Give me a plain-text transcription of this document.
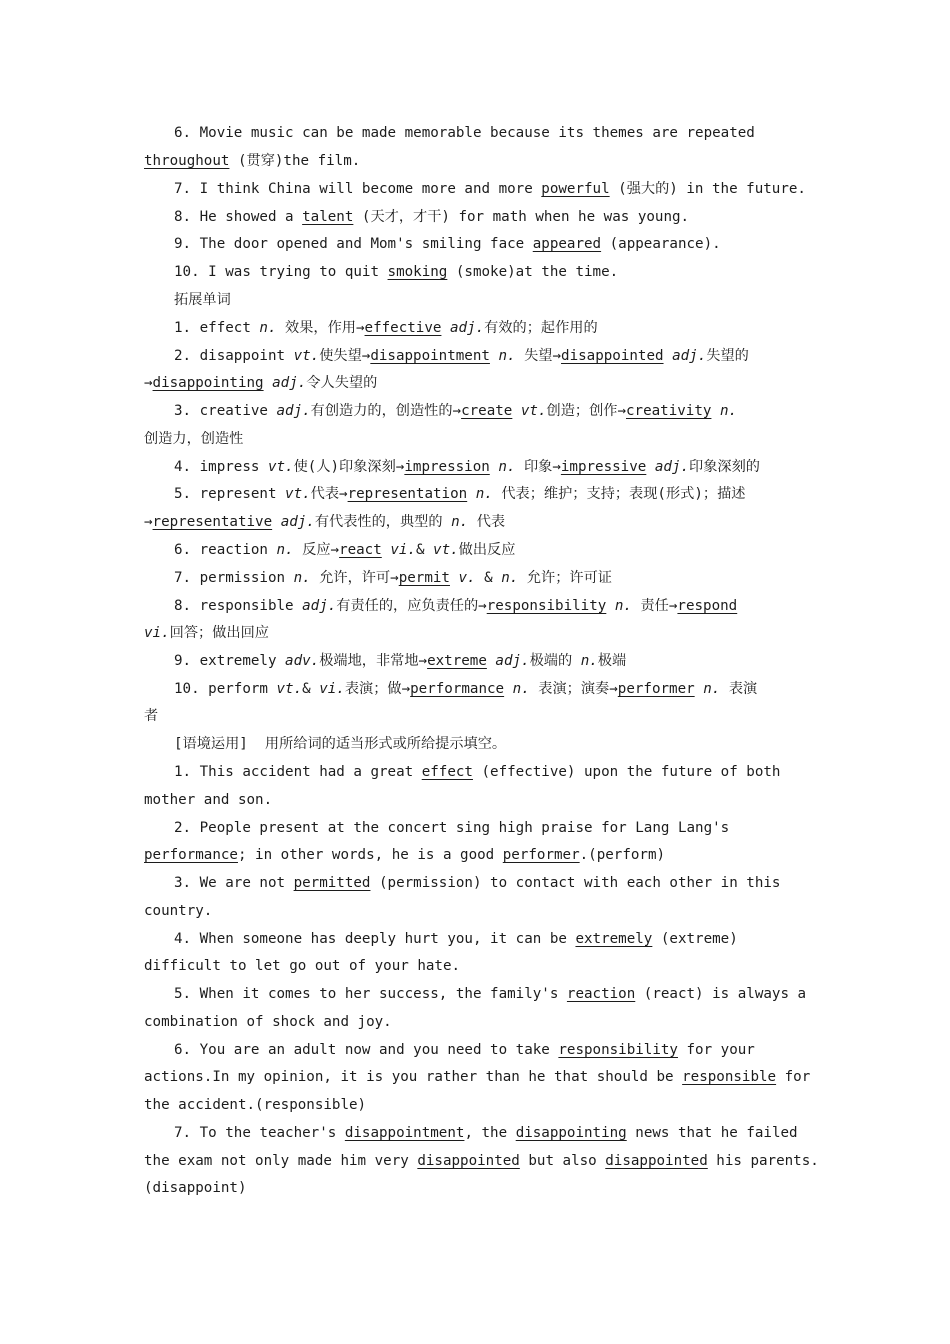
6. Movie music can be made memorable because its themes are repeated
throughout (贯穿)the film.
7. I think China will become more and more powerful (强大的) in the future.
8. He showed a talent (天才，才干) for math when he was young.
9. The door opened and Mom's smiling face appeared (appearance).
10. I was trying to quit smoking (smoke)at the time.
拓展单词
1. effect n. 效果，作用→effective adj.有效的；起作用的
2. disappoint vt.使失望→disappointment n. 失望→disappointed adj.失望的
→disappointing adj.令人失望的
3. creative adj.有创造力的，创造性的→create vt.创造；创作→creativity n.
创造力，创造性
4. impress vt.使(人)印象深刻→impression n. 印象→impressive adj.印象深刻的
5. represent vt.代表→representation n. 代表；维护；支持；表现(形式)；描述
→representative adj.有代表性的，典型的 n. 代表
6. reaction n. 反应→react vi.& vt.做出反应
7. permission n. 允许，许可→permit v. & n. 允许；许可证
8. responsible adj.有责任的，应负责任的→responsibility n. 责任→respond
vi.回答；做出回应
9. extremely adv.极端地，非常地→extreme adj.极端的 n.极端
10. perform vt.& vi.表演；做→performance n. 表演；演奏→performer n. 表演
者
[语境运用]  用所给词的适当形式或所给提示填空。
1. This accident had a great effect (effective) upon the future of both
mother and son.
2. People present at the concert sing high praise for Lang Lang's
performance; in other words, he is a good performer.(perform)
3. We are not permitted (permission) to contact with each other in this
country.
4. When someone has deeply hurt you, it can be extremely (extreme)
difficult to let go out of your hate.
5. When it comes to her success, the family's reaction (react) is always a
combination of shock and joy.
6. You are an adult now and you need to take responsibility for your
actions.In my opinion, it is you rather than he that should be responsible for
the accident.(responsible)
7. To the teacher's disappointment, the disappointing news that he failed
the exam not only made him very disappointed but also disappointed his parents.
(disappoint)
